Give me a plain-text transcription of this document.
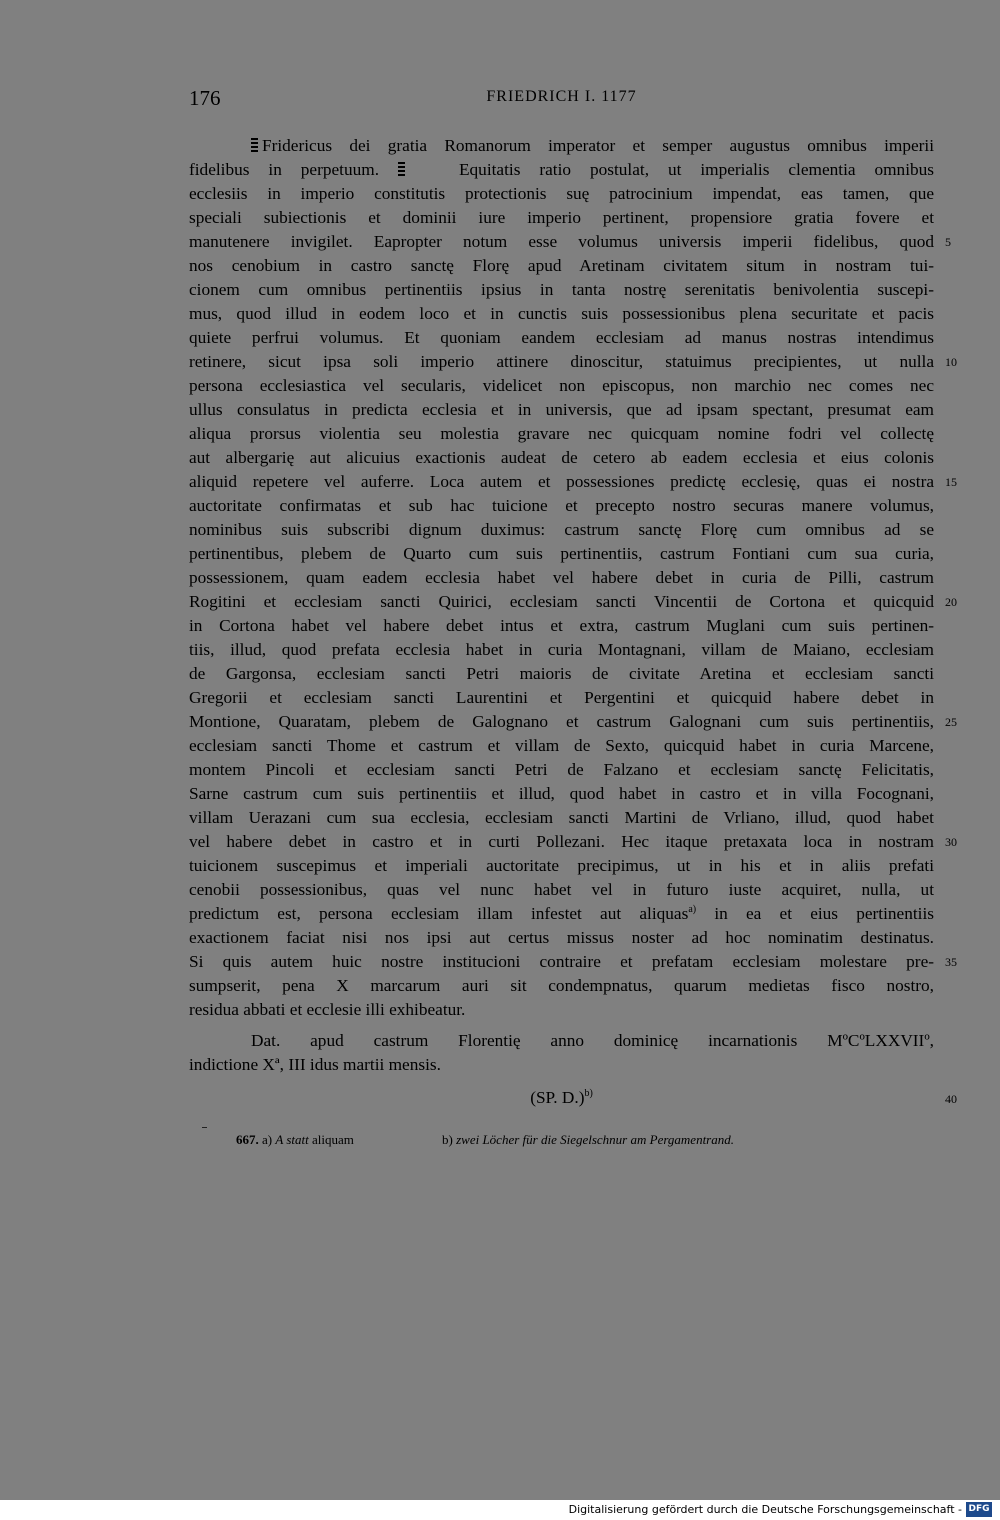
176	FRIEDRICH I. 1177
Fridericus dei gratia Romanorum imperator et semper augustus omnibus imperii
fidelibus in perpetuum.	Equitatis ratio postulat, ut imperialis clementia omnibus
ecclesiis in imperio constitutis protectionis suę patrocinium impendat, eas tamen, que
speciali subiectionis et dominii iure imperio pertinent, propensiore gratia fovere et
manutenere invigilet. Eapropter notum esse volumus universis imperii fidelibus, quod 5
nos cenobium in castro sanctę Florę apud Aretinam civitatem situm in nostram tui-
cionem cum omnibus pertinentiis ipsius in tanta nostrę serenitatis benivolentia suscepi-
mus, quod illud in eodem loco et in cunctis suis possessionibus plena securitate et pacis
quiete perfrui volumus. Et quoniam eandem ecclesiam ad manus nostras intendimus
retinere, sicut ipsa soli imperio attinere dinoscitur, statuimus precipientes, ut nulla 10
persona ecclesiastica vel secularis, videlicet non episcopus, non marchio nec comes nec
ullus consulatus in predicta ecclesia et in universis, que ad ipsam spectant, presumat eam
aliqua prorsus violentia seu molestia gravare nec quicquam nomine fodri vel collectę
aut albergarię aut alicuius exactionis audeat de cetero ab eadem ecclesia et eius colonis
aliquid repetere vel auferre. Loca autem et possessiones predictę ecclesię, quas ei nostra 15
auctoritate confirmatas et sub hac tuicione et precepto nostro securas manere volumus,
nominibus suis subscribi dignum duximus: castrum sanctę Florę cum omnibus ad se
pertinentibus, plebem de Quarto cum suis pertinentiis, castrum Fontiani cum sua curia,
possessionem, quam eadem ecclesia habet vel habere debet in curia de Pilli, castrum
Rogitini et ecclesiam sancti Quirici, ecclesiam sancti Vincentii de Cortona et quicquid 20
in Cortona habet vel habere debet intus et extra, castrum Muglani cum suis pertinen-
tiis, illud, quod prefata ecclesia habet in curia Montagnani, villam de Maiano, ecclesiam
de Gargonsa, ecclesiam sancti Petri maioris de civitate Aretina et ecclesiam sancti
Gregorii et ecclesiam sancti Laurentini et Pergentini et quicquid habere debet in
Montione, Quaratam, plebem de Galognano et castrum Galognani cum suis pertinentiis, 25
ecclesiam sancti Thome et castrum et villam de Sexto, quicquid habet in curia Marcene,
montem Pincoli et ecclesiam sancti Petri de Falzano et ecclesiam sanctę Felicitatis,
Sarne castrum cum suis pertinentiis et illud, quod habet in castro et in villa Focognani,
villam Uerazani cum sua ecclesia, ecclesiam sancti Martini de Vrliano, illud, quod habet
vel habere debet in castro et in curti Pollezani. Hec itaque pretaxata loca in nostram 30
tuicionem suscepimus et imperiali auctoritate precipimus, ut in his et in aliis prefati
cenobii possessionibus, quas vel nunc habet vel in futuro iuste acquiret, nulla, ut
predictum est, persona ecclesiam illam infestet aut aliquas$^{a)}$ in ea et eius pertinentiis
exactionem faciat nisi nos ipsi aut certus missus noster ad hoc nominatim destinatus.
Si quis autem huic nostre institucioni contraire et prefatam ecclesiam molestare pre- 35
sumpserit, pena X marcarum auri sit condempnatus, quarum medietas fisco nostro,
residua abbati et ecclesie illi exhibeatur.
Dat. apud castrum Florentię anno dominicę incarnationis MºCºLXXVIIº,
indictione Xª, III idus martii mensis.
(SP. D.)$^{b)}$	40
667. a) A statt aliquam	b) zwei Löcher für die Siegelschnur am Pergamentrand.
Digitalisierung gefördert durch die Deutsche Forschungsgemeinschaft - DFG
